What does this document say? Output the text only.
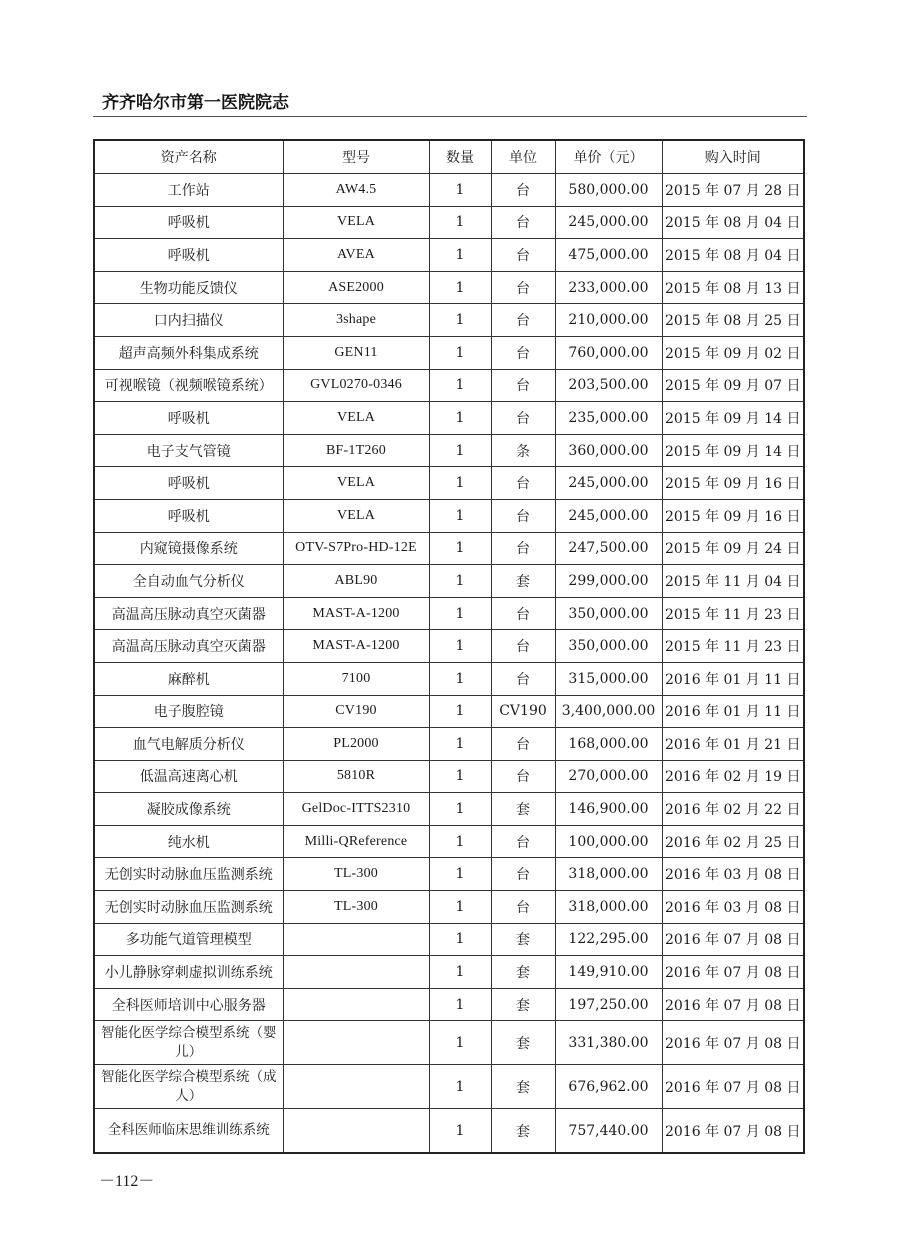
齐齐哈尔市第一医院院志
资产名称	型号	数量	单位	单价（元）	购入时间
工作站	AW4.5	1	台	580,000.00	2015 年 07 月 28 日
呼吸机	VELA	1	台	245,000.00	2015 年 08 月 04 日
呼吸机	AVEA	1	台	475,000.00	2015 年 08 月 04 日
生物功能反馈仪	ASE2000	1	台	233,000.00	2015 年 08 月 13 日
口内扫描仪	3shape	1	台	210,000.00	2015 年 08 月 25 日
超声高频外科集成系统	GEN11	1	台	760,000.00	2015 年 09 月 02 日
可视喉镜（视频喉镜系统）	GVL0270-0346	1	台	203,500.00	2015 年 09 月 07 日
呼吸机	VELA	1	台	235,000.00	2015 年 09 月 14 日
电子支气管镜	BF-1T260	1	条	360,000.00	2015 年 09 月 14 日
呼吸机	VELA	1	台	245,000.00	2015 年 09 月 16 日
呼吸机	VELA	1	台	245,000.00	2015 年 09 月 16 日
内窥镜摄像系统	OTV-S7Pro-HD-12E	1	台	247,500.00	2015 年 09 月 24 日
全自动血气分析仪	ABL90	1	套	299,000.00	2015 年 11 月 04 日
高温高压脉动真空灭菌器	MAST-A-1200	1	台	350,000.00	2015 年 11 月 23 日
高温高压脉动真空灭菌器	MAST-A-1200	1	台	350,000.00	2015 年 11 月 23 日
麻醉机	7100	1	台	315,000.00	2016 年 01 月 11 日
电子腹腔镜	CV190	1	CV190	3,400,000.00	2016 年 01 月 11 日
血气电解质分析仪	PL2000	1	台	168,000.00	2016 年 01 月 21 日
低温高速离心机	5810R	1	台	270,000.00	2016 年 02 月 19 日
凝胶成像系统	GelDoc-ITTS2310	1	套	146,900.00	2016 年 02 月 22 日
纯水机	Milli-QReference	1	台	100,000.00	2016 年 02 月 25 日
无创实时动脉血压监测系统	TL-300	1	台	318,000.00	2016 年 03 月 08 日
无创实时动脉血压监测系统	TL-300	1	台	318,000.00	2016 年 03 月 08 日
多功能气道管理模型		1	套	122,295.00	2016 年 07 月 08 日
小儿静脉穿刺虚拟训练系统		1	套	149,910.00	2016 年 07 月 08 日
全科医师培训中心服务器		1	套	197,250.00	2016 年 07 月 08 日
智能化医学综合模型系统（婴儿）		1	套	331,380.00	2016 年 07 月 08 日
智能化医学综合模型系统（成人）		1	套	676,962.00	2016 年 07 月 08 日
全科医师临床思维训练系统		1	套	757,440.00	2016 年 07 月 08 日
－112－
